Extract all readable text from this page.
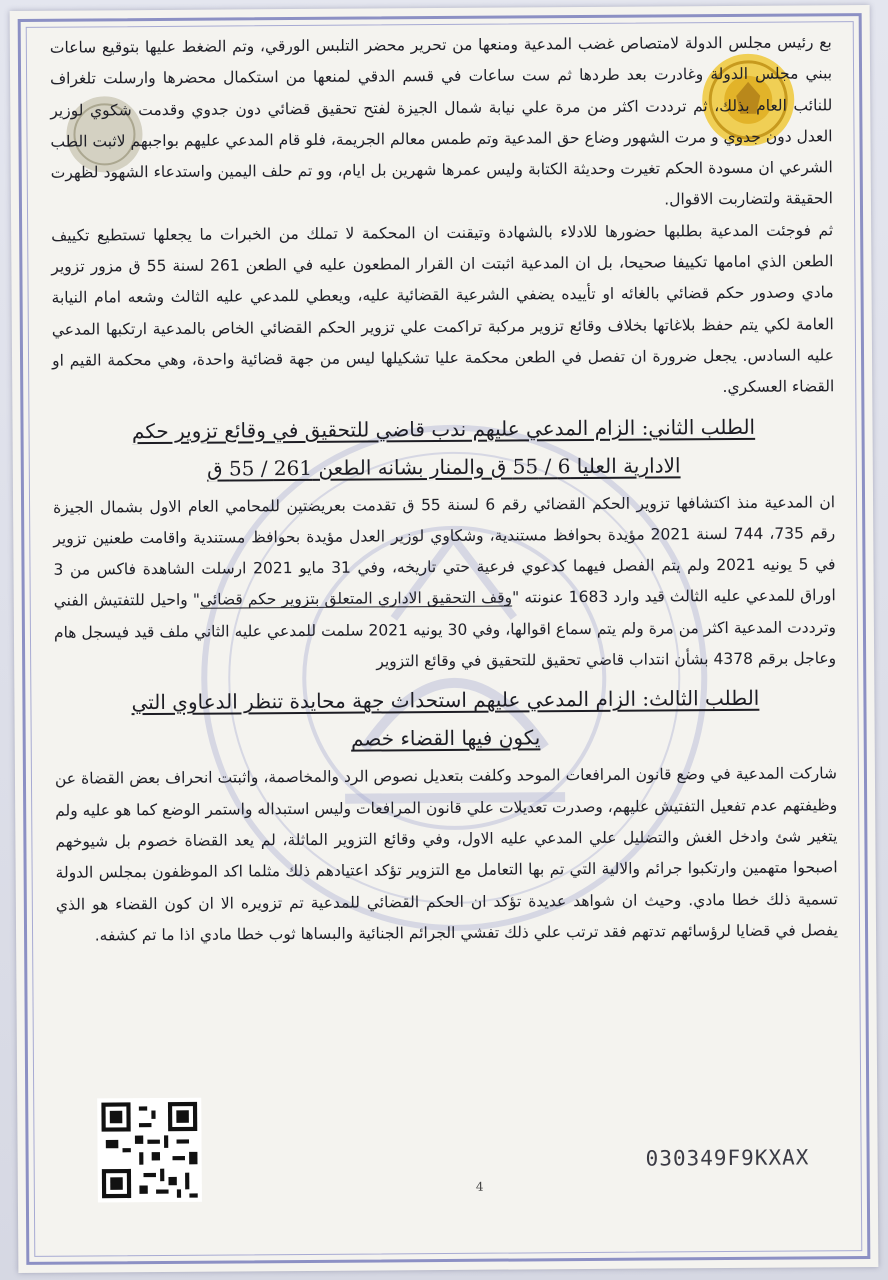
بع رئيس مجلس الدولة لامتصاص غضب المدعية ومنعها من تحرير محضر التلبس الورقي، وتم الضغط عليها بتوقيع ساعات ببني مجلس الدولة وغادرت بعد طردها ثم ست ساعات في قسم الدقي لمنعها من استكمال محضرها وارسلت تلغراف للنائب العام بذلك، ثم ترددت اكثر من مرة علي نيابة شمال الجيزة لفتح تحقيق قضائي دون جدوي وقدمت شكوي لوزير العدل دون جدوي و مرت الشهور وضاع حق المدعية وتم طمس معالم الجريمة، فلو قام المدعي عليهم بواجبهم لاثبت الطب الشرعي ان مسودة الحكم تغيرت وحديثة الكتابة وليس عمرها شهرين بل ايام، وو تم حلف اليمين واستدعاء الشهود لظهرت الحقيقة ولتضاربت الاقوال.

ثم فوجئت المدعية بطلبها حضورها للادلاء بالشهادة وتيقنت ان المحكمة لا تملك من الخبرات ما يجعلها تستطيع تكييف الطعن الذي امامها تكييفا صحيحا، بل ان المدعية اثبتت ان القرار المطعون عليه في الطعن 261 لسنة 55 ق مزور تزوير مادي وصدور حكم قضائي بالغائه او تأييده يضفي الشرعية القضائية عليه، ويعطي للمدعي عليه الثالث وشعه امام النيابة العامة لكي يتم حفظ بلاغاتها بخلاف وقائع تزوير مركبة تراكمت علي تزوير الحكم القضائي الخاص بالمدعية ارتكبها المدعي عليه السادس. يجعل ضرورة ان تفصل في الطعن محكمة عليا تشكيلها ليس من جهة قضائية واحدة، وهي محكمة القيم او القضاء العسكري.

الطلب الثاني: الزام المدعي عليهم ندب قاضي للتحقيق في وقائع تزوير حكم
الادارية العليا 6 / 55 ق والمنار بشانه الطعن 261 / 55 ق

ان المدعية منذ اكتشافها تزوير الحكم القضائي رقم 6 لسنة 55 ق تقدمت بعريضتين للمحامي العام الاول بشمال الجيزة رقم 735، 744 لسنة 2021 مؤيدة بحوافظ مستندية، وشكاوي لوزير العدل مؤيدة بحوافظ مستندية واقامت طعنين تزوير في 5 يونيه 2021 ولم يتم الفصل فيهما كدعوي فرعية حتي تاريخه، وفي 31 مايو 2021 ارسلت الشاهدة فاكس من 3 اوراق للمدعي عليه الثالث قيد وارد 1683 عنونته "وقف التحقيق الاداري المتعلق بتزوير حكم قضائي" واحيل للتفتيش الفني وترددت المدعية اكثر من مرة ولم يتم سماع اقوالها، وفي 30 يونيه 2021 سلمت للمدعي عليه الثاني ملف قيد فيسجل هام وعاجل برقم 4378 بشأن انتداب قاضي تحقيق للتحقيق في وقائع التزوير

الطلب الثالث: الزام المدعي عليهم استحداث جهة محايدة تنظر الدعاوي التي
يكون فيها القضاء خصم

شاركت المدعية في وضع قانون المرافعات الموحد وكلفت بتعديل نصوص الرد والمخاصمة، واثبتت انحراف بعض القضاة عن وظيفتهم عدم تفعيل التفتيش عليهم، وصدرت تعديلات علي قانون المرافعات وليس استبداله واستمر الوضع كما هو عليه ولم يتغير شئ وادخل الغش والتضليل علي المدعي عليه الاول، وفي وقائع التزوير الماثلة، لم يعد القضاة خصوم بل شيوخهم اصبحوا متهمين وارتكبوا جرائم والالية التي تم بها التعامل مع التزوير تؤكد اعتيادهم ذلك مثلما اكد الموظفون بمجلس الدولة تسمية ذلك خطا مادي. وحيث ان شواهد عديدة تؤكد ان الحكم القضائي للمدعية تم تزويره الا ان كون القضاء هو الذي يفصل في قضايا لرؤسائهم تدتهم فقد ترتب علي ذلك تفشي الجرائم الجنائية والبساها ثوب خطا مادي اذا ما تم كشفه.

030349F9KXAX
4
